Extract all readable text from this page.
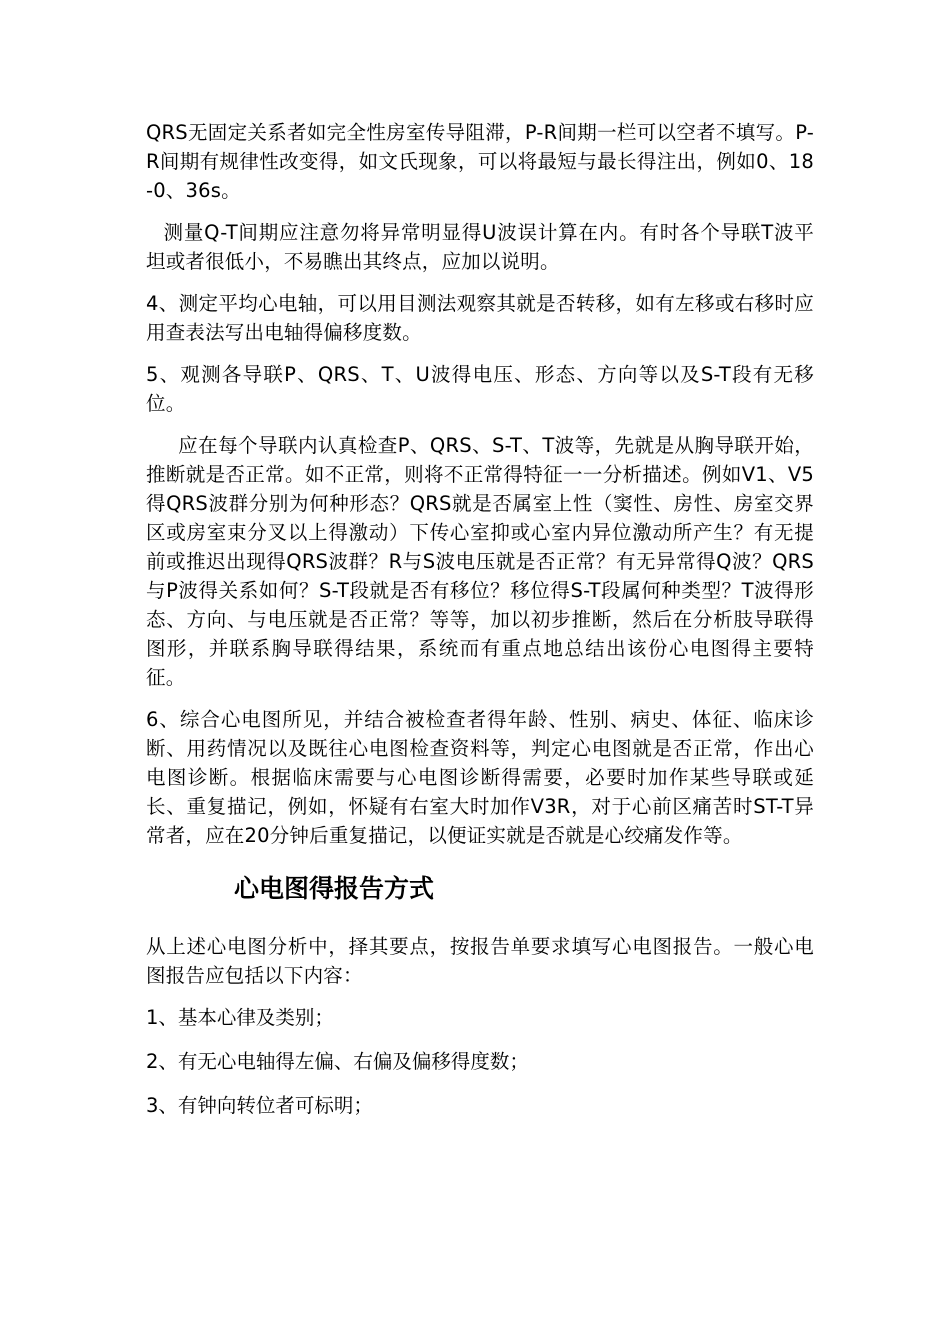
QRS无固定关系者如完全性房室传导阻滞，P-R间期一栏可以空者不填写。P-R间期有规律性改变得，如文氏现象，可以将最短与最长得注出，例如0、18-0、36s。

测量Q-T间期应注意勿将异常明显得U波误计算在内。有时各个导联T波平坦或者很低小，不易瞧出其终点，应加以说明。

4、测定平均心电轴，可以用目测法观察其就是否转移，如有左移或右移时应用查表法写出电轴得偏移度数。

5、观测各导联P、QRS、T、U波得电压、形态、方向等以及S-T段有无移位。

应在每个导联内认真检查P、QRS、S-T、T波等，先就是从胸导联开始，推断就是否正常。如不正常，则将不正常得特征一一分析描述。例如V1、V5得QRS波群分别为何种形态？QRS就是否属室上性（窦性、房性、房室交界区或房室束分叉以上得激动）下传心室抑或心室内异位激动所产生？有无提前或推迟出现得QRS波群？R与S波电压就是否正常？有无异常得Q波？QRS与P波得关系如何？S-T段就是否有移位？移位得S-T段属何种类型？T波得形态、方向、与电压就是否正常？等等，加以初步推断，然后在分析肢导联得图形，并联系胸导联得结果，系统而有重点地总结出该份心电图得主要特征。

6、综合心电图所见，并结合被检查者得年龄、性别、病史、体征、临床诊断、用药情况以及既往心电图检查资料等，判定心电图就是否正常，作出心电图诊断。根据临床需要与心电图诊断得需要，必要时加作某些导联或延长、重复描记，例如，怀疑有右室大时加作V3R，对于心前区痛苦时ST-T异常者，应在20分钟后重复描记，以便证实就是否就是心绞痛发作等。

心电图得报告方式

从上述心电图分析中，择其要点，按报告单要求填写心电图报告。一般心电图报告应包括以下内容：

1、基本心律及类别；

2、有无心电轴得左偏、右偏及偏移得度数；

3、有钟向转位者可标明；
